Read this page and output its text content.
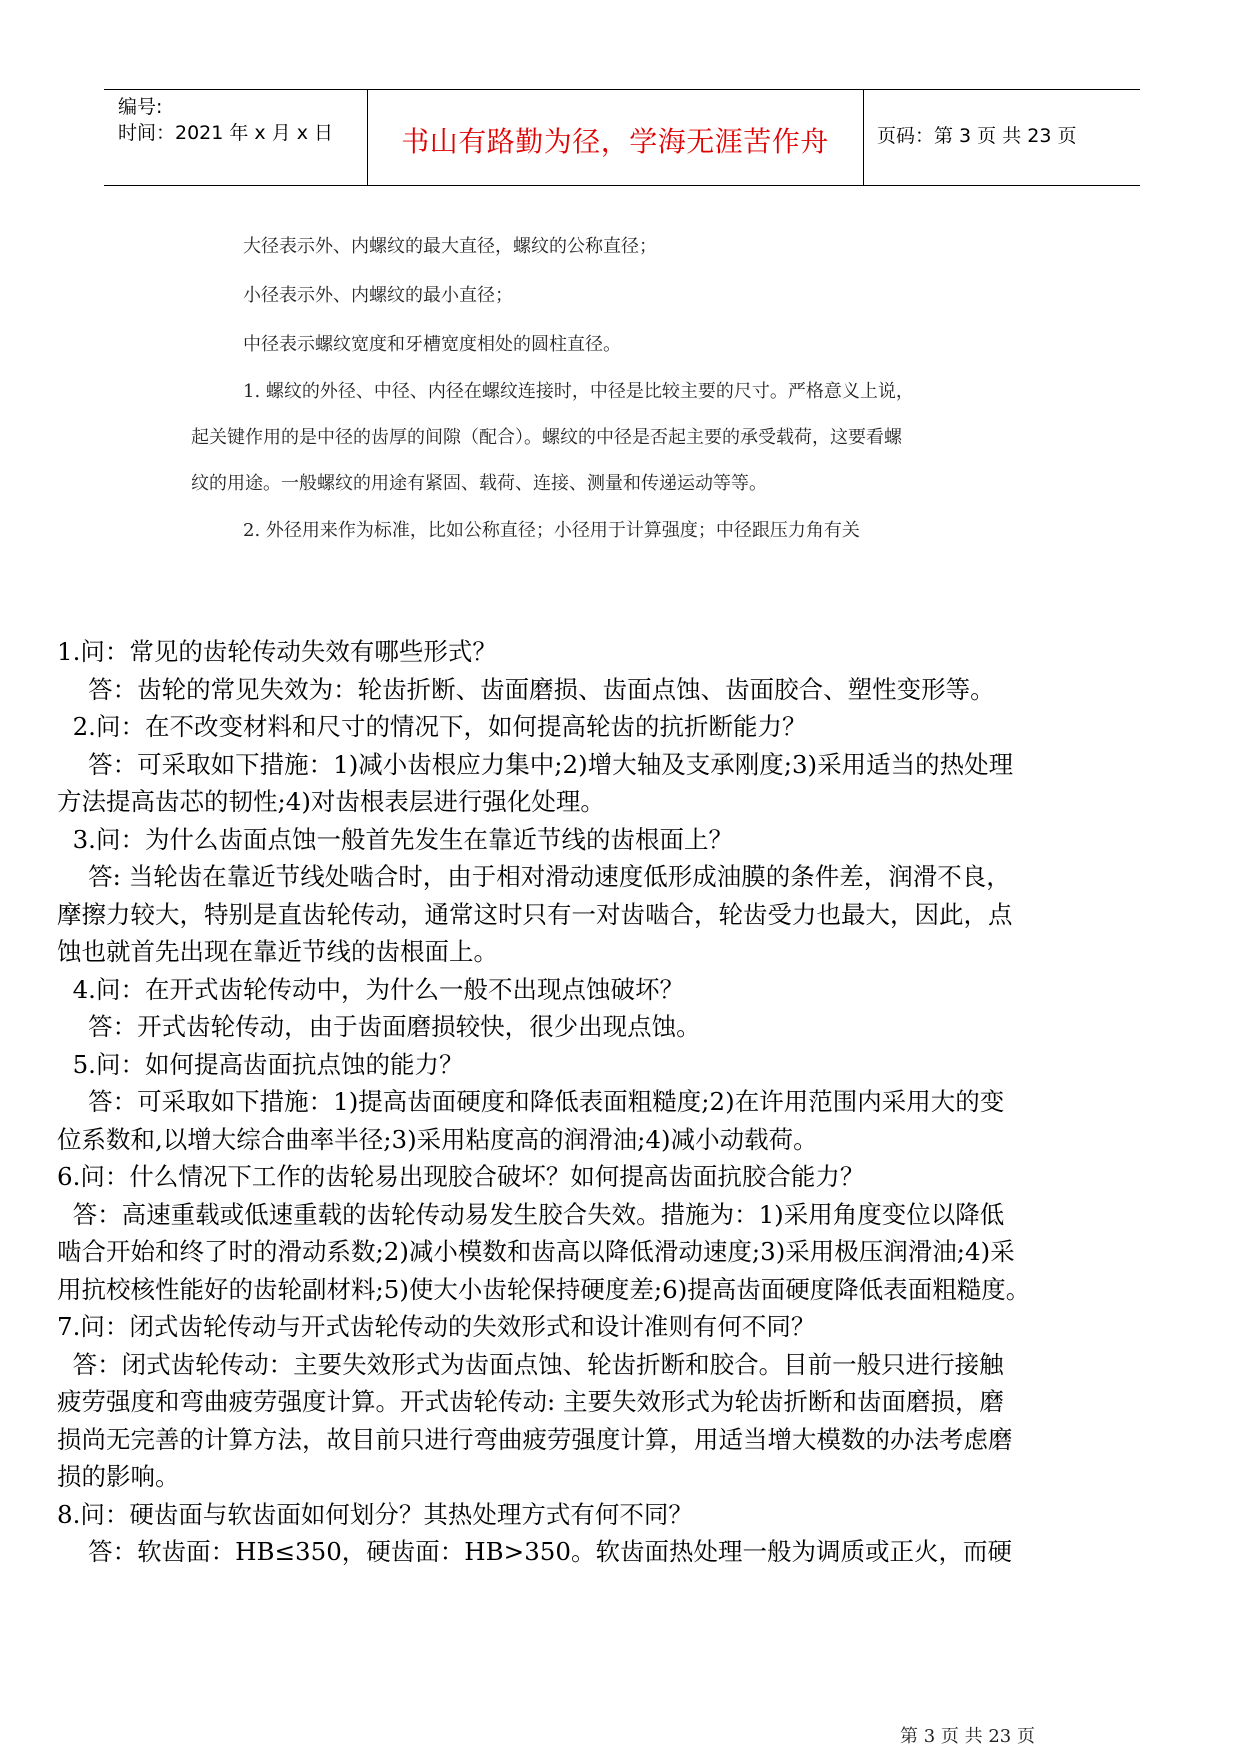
编号:
时间：2021 年 x 月 x 日	书山有路勤为径，学海无涯苦作舟	页码：第 3 页 共 23 页
大径表示外、内螺纹的最大直径，螺纹的公称直径；
小径表示外、内螺纹的最小直径；
中径表示螺纹宽度和牙槽宽度相处的圆柱直径。
1. 螺纹的外径、中径、内径在螺纹连接时，中径是比较主要的尺寸。严格意义上说，
起关键作用的是中径的齿厚的间隙（配合）。螺纹的中径是否起主要的承受载荷，这要看螺
纹的用途。一般螺纹的用途有紧固、载荷、连接、测量和传递运动等等。
2. 外径用来作为标准，比如公称直径；小径用于计算强度；中径跟压力角有关

1.问：常见的齿轮传动失效有哪些形式？

答：齿轮的常见失效为：轮齿折断、齿面磨损、齿面点蚀、齿面胶合、塑性变形等。

2.问：在不改变材料和尺寸的情况下，如何提高轮齿的抗折断能力？

答：可采取如下措施：1)减小齿根应力集中;2)增大轴及支承刚度;3)采用适当的热处理

方法提高齿芯的韧性;4)对齿根表层进行强化处理。

3.问：为什么齿面点蚀一般首先发生在靠近节线的齿根面上？

答: 当轮齿在靠近节线处啮合时，由于相对滑动速度低形成油膜的条件差，润滑不良，

摩擦力较大，特别是直齿轮传动，通常这时只有一对齿啮合，轮齿受力也最大，因此，点

蚀也就首先出现在靠近节线的齿根面上。

4.问：在开式齿轮传动中，为什么一般不出现点蚀破坏？

答：开式齿轮传动，由于齿面磨损较快，很少出现点蚀。

5.问：如何提高齿面抗点蚀的能力？

答：可采取如下措施：1)提高齿面硬度和降低表面粗糙度;2)在许用范围内采用大的变

位系数和,以增大综合曲率半径;3)采用粘度高的润滑油;4)减小动载荷。

6.问：什么情况下工作的齿轮易出现胶合破坏？如何提高齿面抗胶合能力？

答：高速重载或低速重载的齿轮传动易发生胶合失效。措施为：1)采用角度变位以降低

啮合开始和终了时的滑动系数;2)减小模数和齿高以降低滑动速度;3)采用极压润滑油;4)采

用抗校核性能好的齿轮副材料;5)使大小齿轮保持硬度差;6)提高齿面硬度降低表面粗糙度。

7.问：闭式齿轮传动与开式齿轮传动的失效形式和设计准则有何不同？

答：闭式齿轮传动：主要失效形式为齿面点蚀、轮齿折断和胶合。目前一般只进行接触

疲劳强度和弯曲疲劳强度计算。开式齿轮传动: 主要失效形式为轮齿折断和齿面磨损，磨

损尚无完善的计算方法，故目前只进行弯曲疲劳强度计算，用适当增大模数的办法考虑磨

损的影响。

8.问：硬齿面与软齿面如何划分？其热处理方式有何不同？

答：软齿面：HB≤350，硬齿面：HB>350。软齿面热处理一般为调质或正火，而硬

第 3 页 共 23 页
